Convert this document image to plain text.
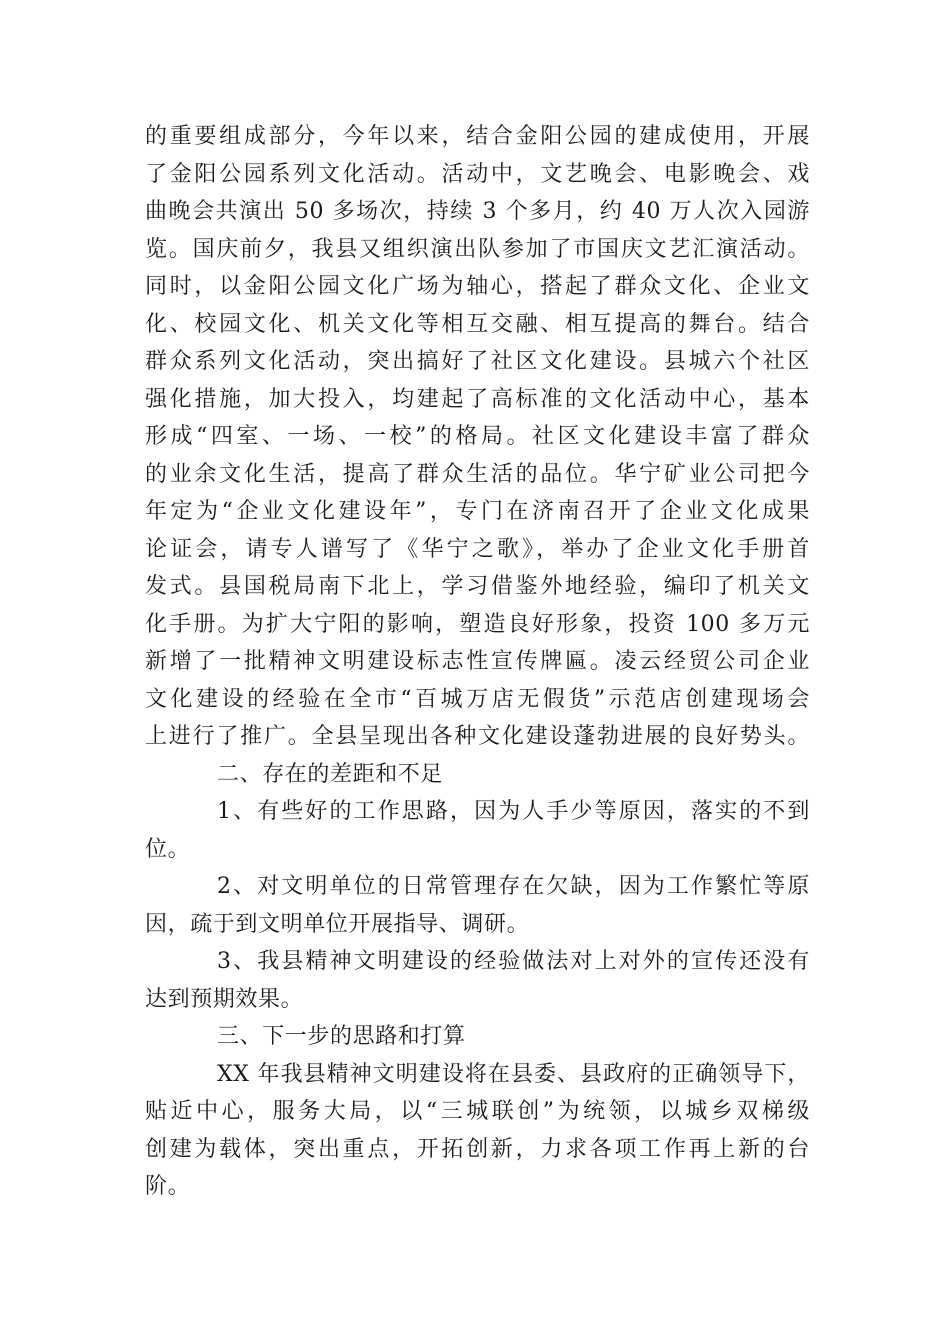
的重要组成部分，今年以来，结合金阳公园的建成使用，开展
了金阳公园系列文化活动。活动中，文艺晚会、电影晚会、戏
曲晚会共演出 50 多场次，持续 3 个多月，约 40 万人次入园游
览。国庆前夕，我县又组织演出队参加了市国庆文艺汇演活动。
同时，以金阳公园文化广场为轴心，搭起了群众文化、企业文
化、校园文化、机关文化等相互交融、相互提高的舞台。结合
群众系列文化活动，突出搞好了社区文化建设。县城六个社区
强化措施，加大投入，均建起了高标准的文化活动中心，基本
形成“四室、一场、一校”的格局。社区文化建设丰富了群众
的业余文化生活，提高了群众生活的品位。华宁矿业公司把今
年定为“企业文化建设年”，专门在济南召开了企业文化成果
论证会，请专人谱写了《华宁之歌》，举办了企业文化手册首
发式。县国税局南下北上，学习借鉴外地经验，编印了机关文
化手册。为扩大宁阳的影响，塑造良好形象，投资 100 多万元
新增了一批精神文明建设标志性宣传牌匾。凌云经贸公司企业
文化建设的经验在全市“百城万店无假货”示范店创建现场会
上进行了推广。全县呈现出各种文化建设蓬勃进展的良好势头。
二、存在的差距和不足
1、有些好的工作思路，因为人手少等原因，落实的不到
位。
2、对文明单位的日常管理存在欠缺，因为工作繁忙等原
因，疏于到文明单位开展指导、调研。
3、我县精神文明建设的经验做法对上对外的宣传还没有
达到预期效果。
三、下一步的思路和打算
XX 年我县精神文明建设将在县委、县政府的正确领导下，
贴近中心，服务大局，以“三城联创”为统领，以城乡双梯级
创建为载体，突出重点，开拓创新，力求各项工作再上新的台
阶。
